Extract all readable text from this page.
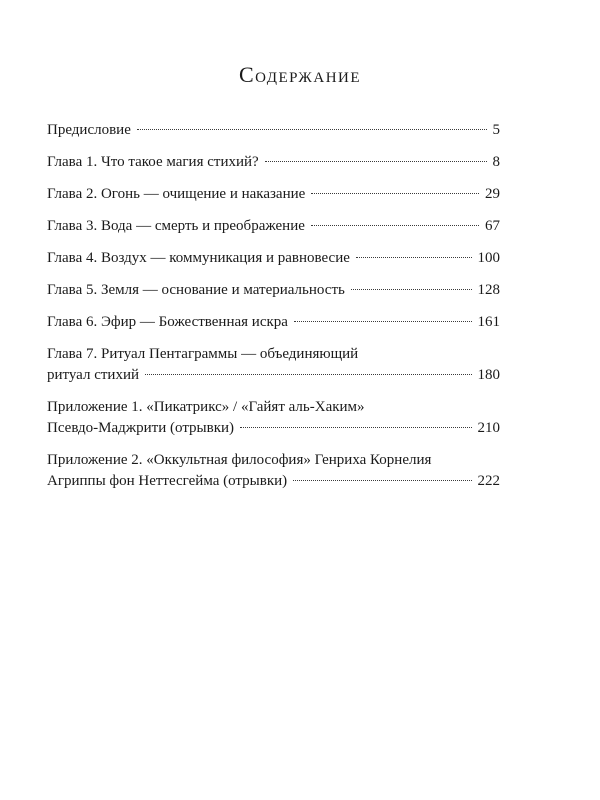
Содержание
Предисловие	5
Глава 1. Что такое магия стихий?	8
Глава 2. Огонь — очищение и наказание	29
Глава 3. Вода — смерть и преображение	67
Глава 4. Воздух — коммуникация и равновесие	100
Глава 5. Земля — основание и материальность	128
Глава 6. Эфир — Божественная искра	161
Глава 7. Ритуал Пентаграммы — объединяющий
ритуал стихий	180
Приложение 1. «Пикатрикс» / «Гайят аль-Хаким»
Псевдо-Маджрити (отрывки)	210
Приложение 2. «Оккультная философия» Генриха Корнелия
Агриппы фон Неттесгейма (отрывки)	222
